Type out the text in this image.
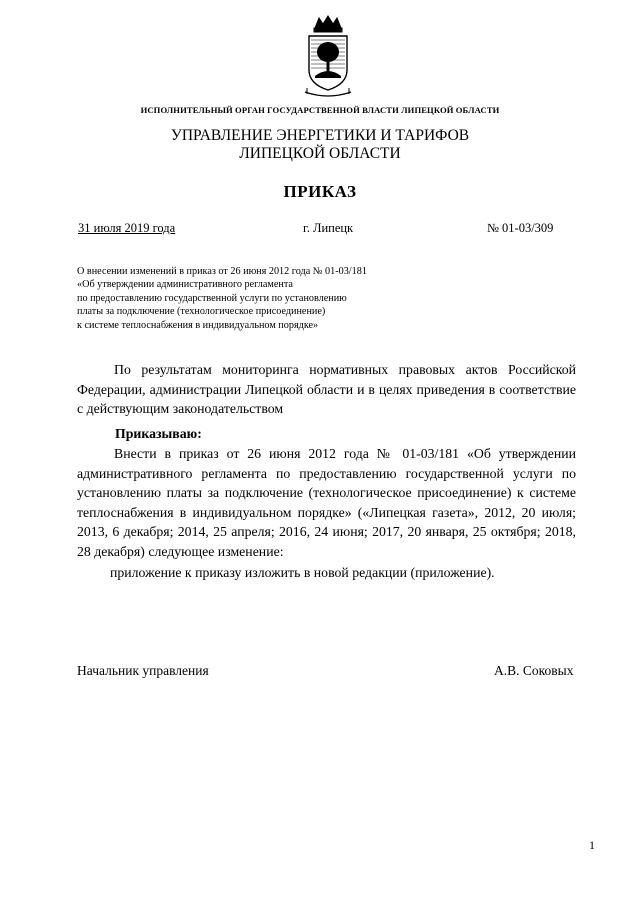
ИСПОЛНИТЕЛЬНЫЙ ОРГАН ГОСУДАРСТВЕННОЙ ВЛАСТИ ЛИПЕЦКОЙ ОБЛАСТИ
УПРАВЛЕНИЕ ЭНЕРГЕТИКИ И ТАРИФОВ
ЛИПЕЦКОЙ ОБЛАСТИ
ПРИКАЗ
31 июля 2019 года	г. Липецк	№ 01-03/309
О внесении изменений в приказ от 26 июня 2012 года № 01-03/181
«Об утверждении административного регламента
по предоставлению государственной услуги по установлению
платы за подключение (технологическое присоединение)
к системе теплоснабжения в индивидуальном порядке»
По результатам мониторинга нормативных правовых актов Российской Федерации, администрации Липецкой области и в целях приведения в соответствие с действующим законодательством
Приказываю:
Внести в приказ от 26 июня 2012 года № 01-03/181 «Об утверждении административного регламента по предоставлению государственной услуги по установлению платы за подключение (технологическое присоединение) к системе теплоснабжения в индивидуальном порядке» («Липецкая газета», 2012, 20 июля; 2013, 6 декабря; 2014, 25 апреля; 2016, 24 июня; 2017, 20 января, 25 октября; 2018, 28 декабря) следующее изменение:
приложение к приказу изложить в новой редакции (приложение).
Начальник управления	А.В. Соковых
1
